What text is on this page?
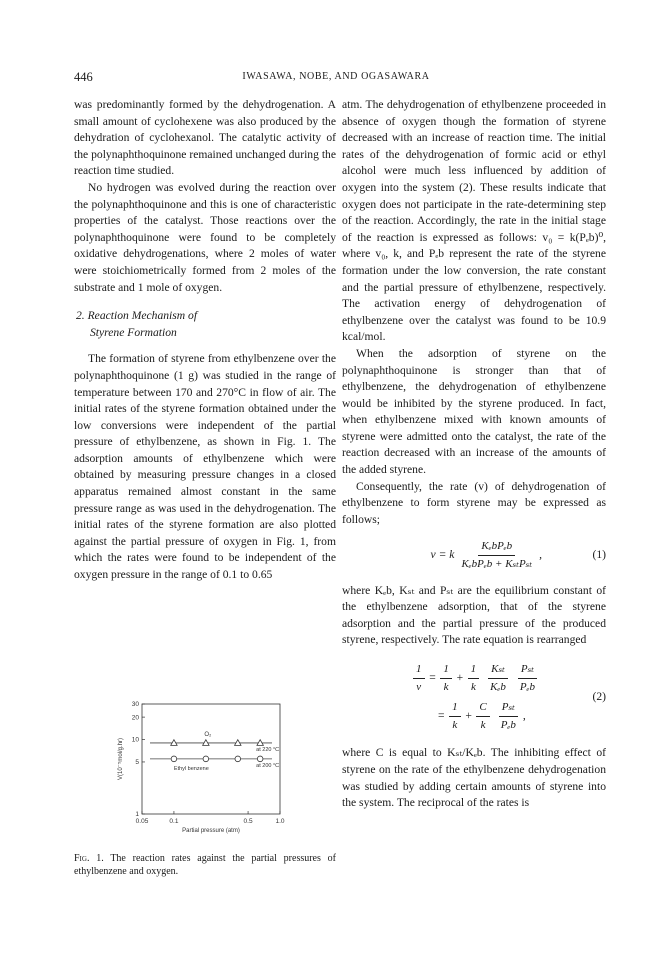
446	IWASAWA, NOBE, AND OGASAWARA

was predominantly formed by the dehydrogenation. A small amount of cyclohexene was also produced by the dehydration of cyclohexanol. The catalytic activity of the polynaphthoquinone remained unchanged during the reaction time studied.

No hydrogen was evolved during the reaction over the polynaphthoquinone and this is one of characteristic properties of the catalyst. Those reactions over the polynaphthoquinone were found to be completely oxidative dehydrogenations, where 2 moles of water were stoichiometrically formed from 2 moles of the substrate and 1 mole of oxygen.

2. Reaction Mechanism of
Styrene Formation

The formation of styrene from ethylbenzene over the polynaphthoquinone (1 g) was studied in the range of temperature between 170 and 270°C in flow of air. The initial rates of the styrene formation obtained under the low conversions were independent of the partial pressure of ethylbenzene, as shown in Fig. 1. The adsorption amounts of ethylbenzene which were obtained by measuring pressure changes in a closed apparatus remained almost constant in the same pressure range as was used in the dehydrogenation. The initial rates of the styrene formation are also plotted against the partial pressure of oxygen in Fig. 1, from which the rates were found to be independent of the oxygen pressure in the range of 0.1 to 0.65

0.05	0.1	0.5	1.0
1
5
10
20
30
Partial pressure (atm)
V(10⁻⁵mol/g.hr)	at 220 °C
O₂
at 200 °C
Ethyl benzene
Fig. 1. The reaction rates against the partial pressures of ethylbenzene and oxygen.

atm. The dehydrogenation of ethylbenzene proceeded in absence of oxygen though the formation of styrene decreased with an increase of reaction time. The initial rates of the dehydrogenation of formic acid or ethyl alcohol were much less influenced by addition of oxygen into the system (2). These results indicate that oxygen does not participate in the rate-determining step of the reaction. Accordingly, the rate in the initial stage of the reaction is expressed as follows: v₀ = k(Pₑb)⁰, where v₀, k, and Pₑb represent the rate of the styrene formation under the low conversion, the rate constant and the partial pressure of ethylbenzene, respectively. The activation energy of dehydrogenation of ethylbenzene over the catalyst was found to be 10.9 kcal/mol.

When the adsorption of styrene on the polynaphthoquinone is stronger than that of ethylbenzene, the dehydrogenation of ethylbenzene would be inhibited by the styrene produced. In fact, when ethylbenzene mixed with known amounts of styrene were admitted onto the catalyst, the rate of the reaction decreased with an increase of the amounts of the added styrene.

Consequently, the rate (v) of dehydrogenation of ethylbenzene to form styrene may be expressed as follows;

v = k $\frac{\text{KₑbPₑb}}{\text{KₑbPₑb + KₛₜPₛₜ}}$ ,	(1)

where Kₑb, Kₛₜ and Pₛₜ are the equilibrium constant of the ethylbenzene adsorption, that of the styrene adsorption and the partial pressure of the produced styrene, respectively. The rate equation is rearranged

$\frac{1}{v} = \frac{1}{k} + \frac{1}{k} \frac{\text{Kₛₜ}}{\text{Kₑb}} \frac{\text{Pₛₜ}}{\text{Pₑb}}$
= $\frac{1}{k} + \frac{C}{k} \frac{\text{Pₛₜ}}{\text{Pₑb}}$ ,
(2)

where C is equal to Kₛₜ/Kₑb. The inhibiting effect of styrene on the rate of the ethylbenzene dehydrogenation was studied by adding certain amounts of styrene into the system. The reciprocal of the rates is
